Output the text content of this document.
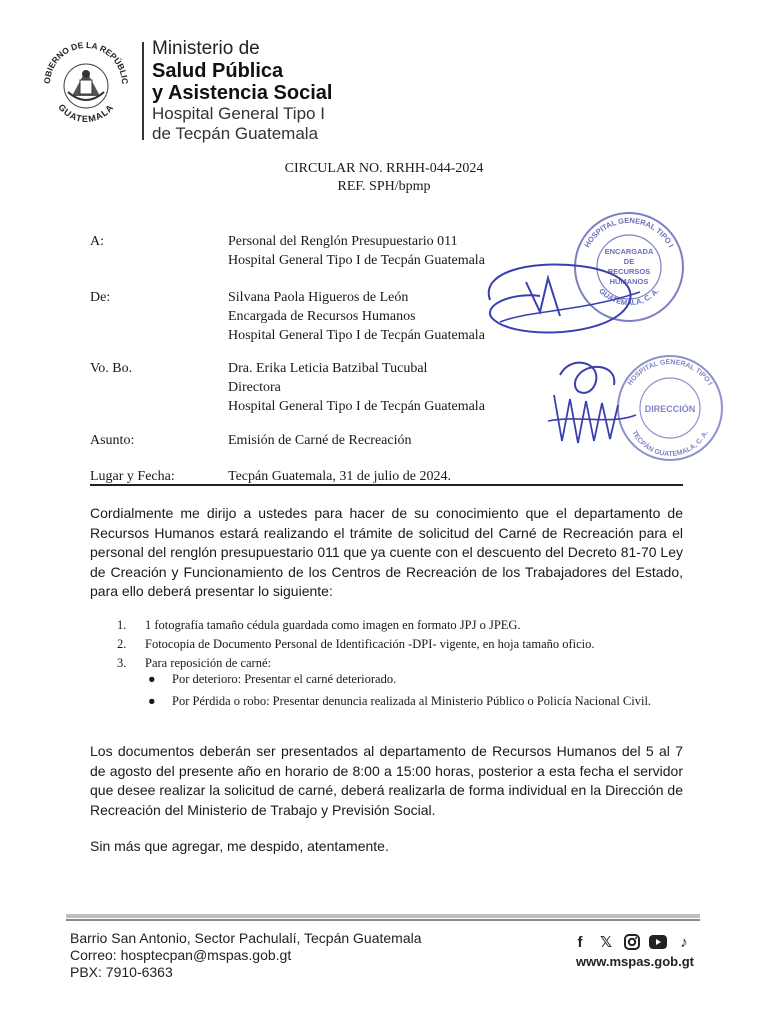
OBIERNO DE LA REPÚBLIC
GUATEMALA
Ministerio de
Salud Pública
y Asistencia Social
Hospital General Tipo I
de Tecpán Guatemala
CIRCULAR NO. RRHH-044-2024
REF. SPH/bpmp
A:	Personal del Renglón Presupuestario 011
Hospital General Tipo I de Tecpán Guatemala
De:	Silvana Paola Higueros de León
Encargada de Recursos Humanos
Hospital General Tipo I de Tecpán Guatemala
Vo. Bo.	Dra. Erika Leticia Batzibal Tucubal
Directora
Hospital General Tipo I de Tecpán Guatemala
Asunto:	Emisión de Carné de Recreación
Lugar y Fecha:	Tecpán Guatemala, 31 de julio de 2024.
HOSPITAL GENERAL TIPO I
GUATEMALA, C. A.
ENCARGADA
DE
RECURSOS
HUMANOS
HOSPITAL GENERAL TIPO I
TECPÁN GUATEMALA, C. A.
DIRECCIÓN
Cordialmente me dirijo a ustedes para hacer de su conocimiento que el departamento de Recursos Humanos estará realizando el trámite de solicitud del Carné de Recreación para el personal del renglón presupuestario 011 que ya cuente con el descuento del Decreto 81-70 Ley de Creación y Funcionamiento de los Centros de Recreación de los Trabajadores del Estado, para ello deberá presentar lo siguiente:
1. 1 fotografía tamaño cédula guardada como imagen en formato JPJ o JPEG.
2. Fotocopia de Documento Personal de Identificación -DPI- vigente, en hoja tamaño oficio.
3. Para reposición de carné:
● Por deterioro: Presentar el carné deteriorado.
● Por Pérdida o robo: Presentar denuncia realizada al Ministerio Público o Policía Nacional Civil.
Los documentos deberán ser presentados al departamento de Recursos Humanos del 5 al 7 de agosto del presente año en horario de 8:00 a 15:00 horas, posterior a esta fecha el servidor que desee realizar la solicitud de carné, deberá realizarla de forma individual en la Dirección de Recreación del Ministerio de Trabajo y Previsión Social.
Sin más que agregar, me despido, atentamente.
Barrio San Antonio, Sector Pachulalí, Tecpán Guatemala
Correo: hosptecpan@mspas.gob.gt
PBX: 7910-6363
f	𝕏	♪
www.mspas.gob.gt
